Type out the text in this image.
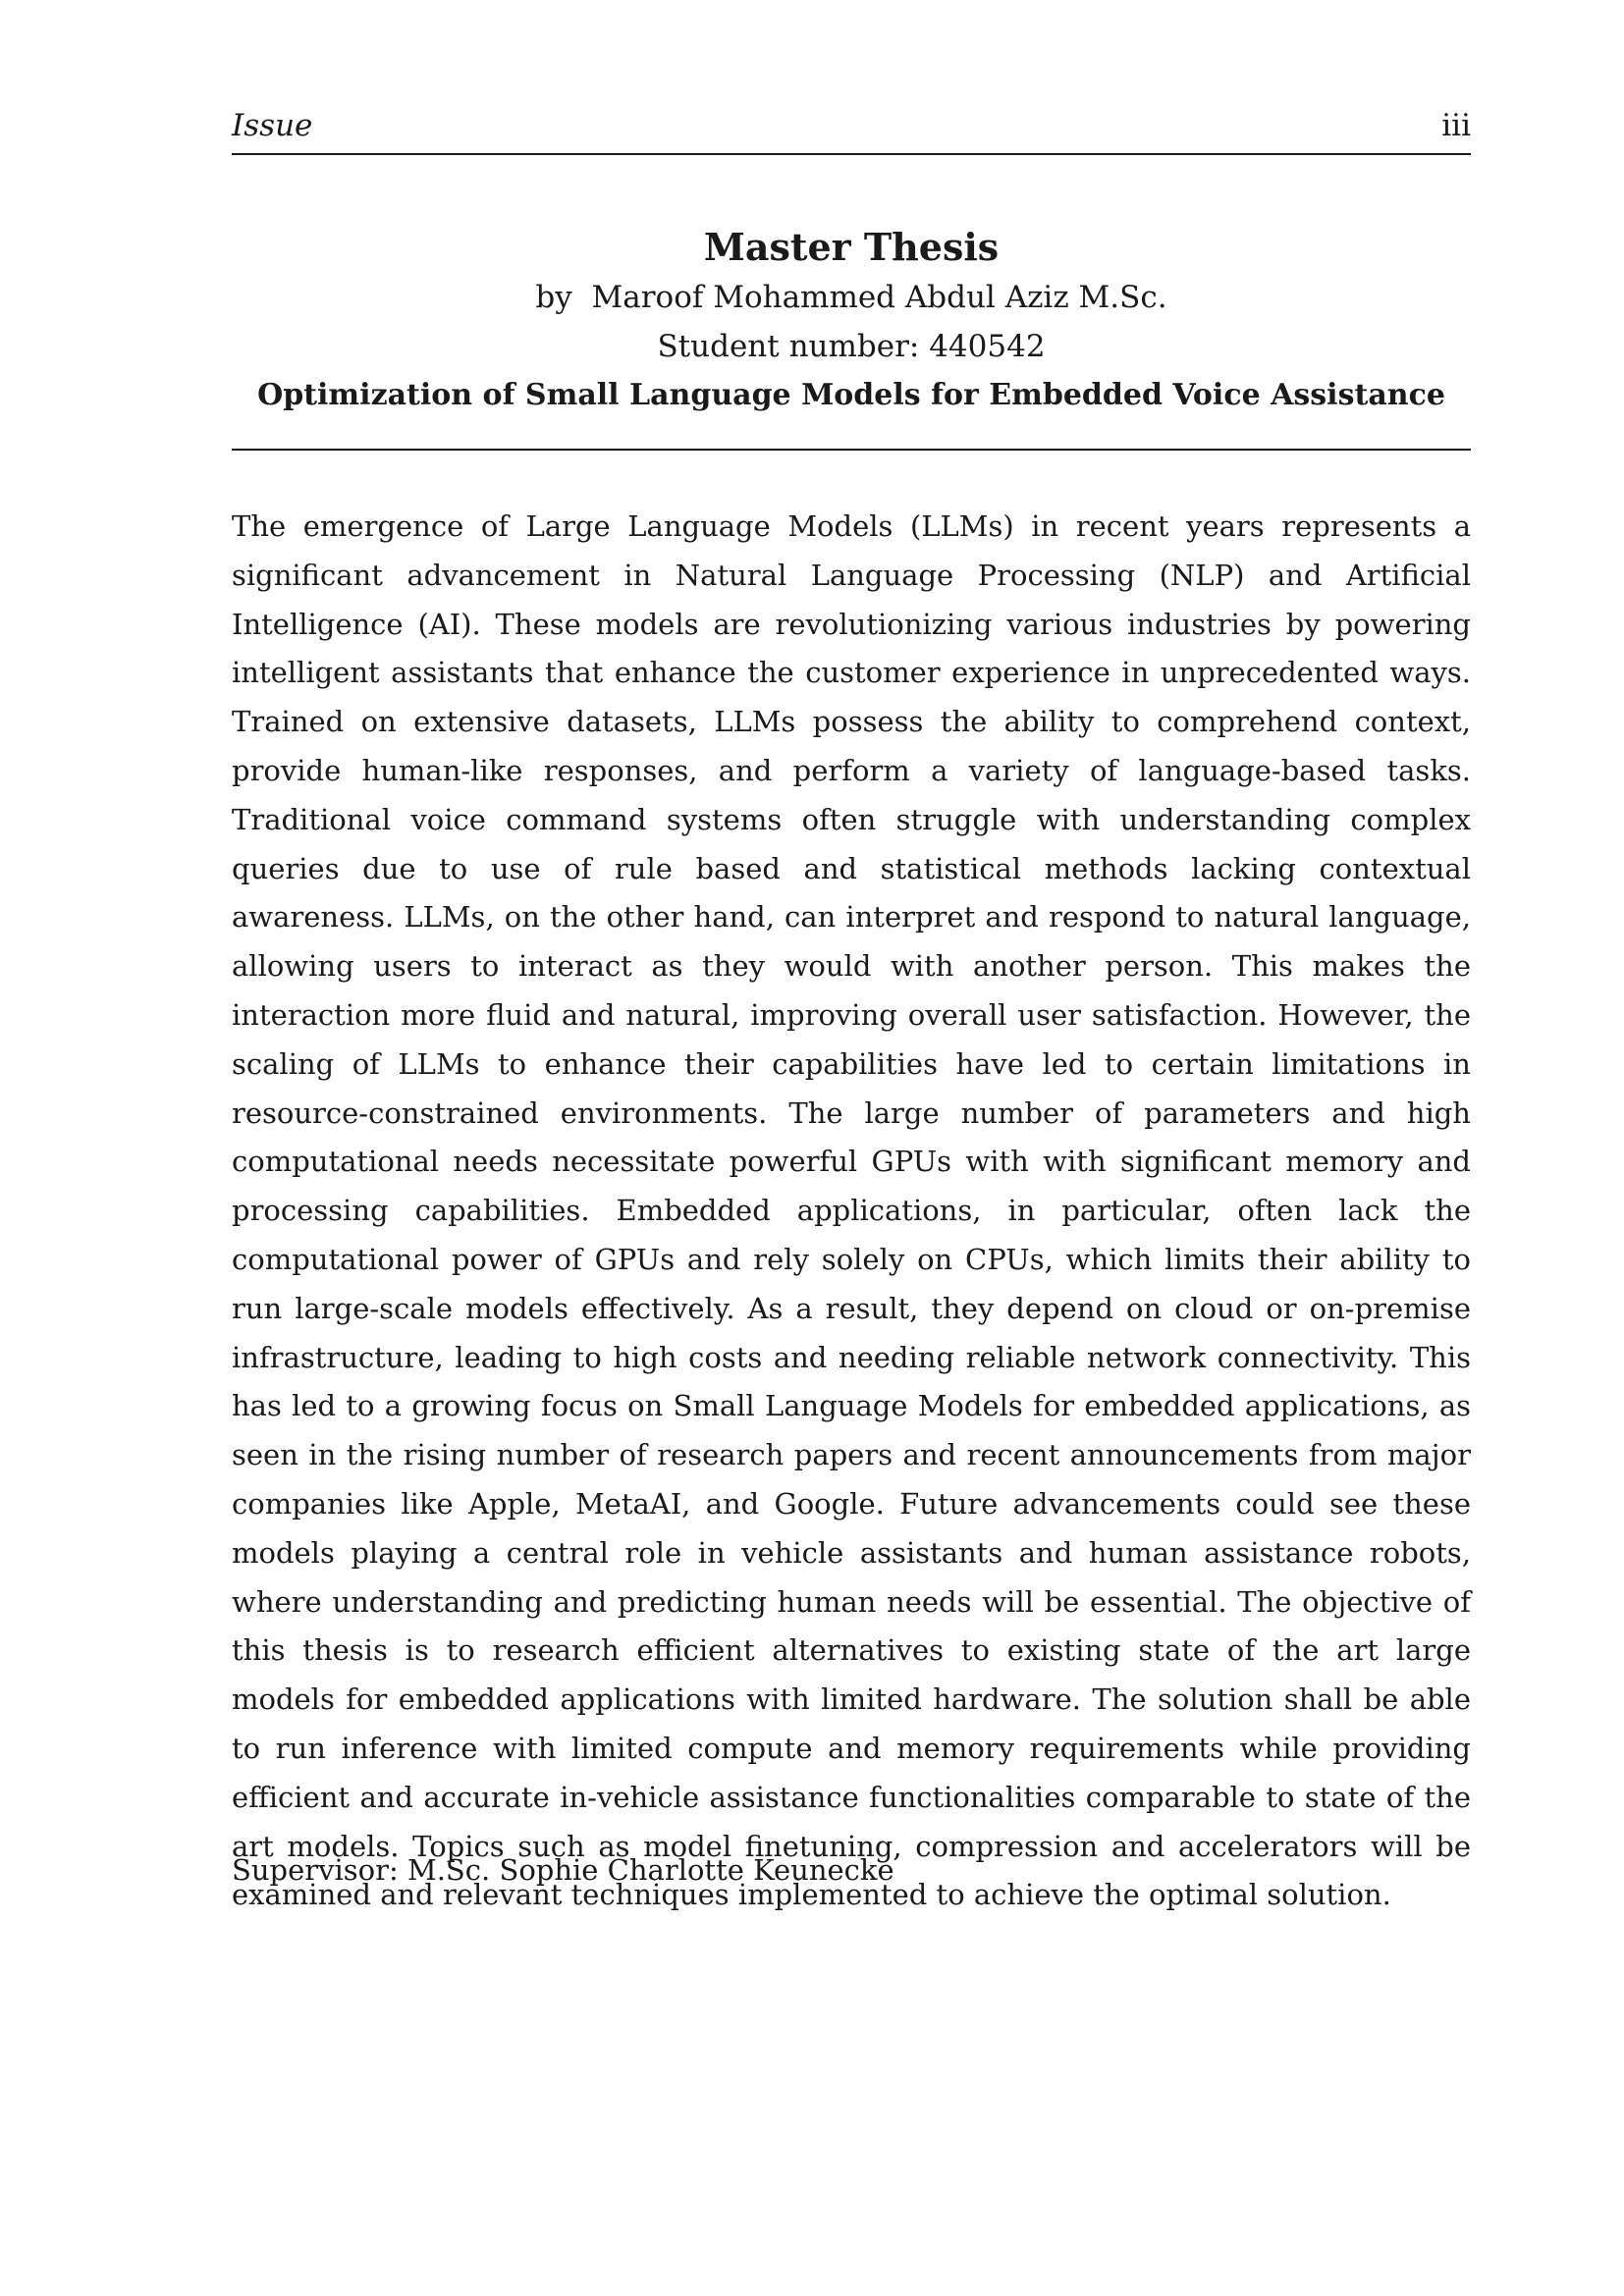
Issue	iii
Master Thesis
by Maroof Mohammed Abdul Aziz M.Sc.
Student number: 440542
Optimization of Small Language Models for Embedded Voice Assistance

The emergence of Large Language Models (LLMs) in recent years represents a significant advancement in Natural Language Processing (NLP) and Artificial Intelligence (AI). These models are revolutionizing various industries by powering intelligent assistants that enhance the customer experience in unprecedented ways. Trained on extensive datasets, LLMs possess the ability to comprehend context, provide human-like responses, and perform a variety of language-based tasks. Traditional voice command systems often struggle with understanding complex queries due to use of rule based and statistical methods lacking contextual awareness. LLMs, on the other hand, can interpret and respond to natural language, allowing users to interact as they would with another person. This makes the interaction more fluid and natural, improving overall user satisfaction. However, the scaling of LLMs to enhance their capabilities have led to certain limitations in resource-constrained environments. The large number of parameters and high computational needs necessitate powerful GPUs with with significant memory and processing capabilities. Embedded applications, in particular, often lack the computational power of GPUs and rely solely on CPUs, which limits their ability to run large-scale models effectively. As a result, they depend on cloud or on-premise infrastructure, leading to high costs and needing reliable network connectivity. This has led to a growing focus on Small Language Models for embedded applications, as seen in the rising number of research papers and recent announcements from major companies like Apple, MetaAI, and Google. Future advancements could see these models playing a central role in vehicle assistants and human assistance robots, where understanding and predicting human needs will be essential. The objective of this thesis is to research efficient alternatives to existing state of the art large models for embedded applications with limited hardware. The solution shall be able to run inference with limited compute and memory requirements while providing efficient and accurate in-vehicle assistance functionalities comparable to state of the art models. Topics such as model finetuning, compression and accelerators will be examined and relevant techniques implemented to achieve the optimal solution.

Supervisor: M.Sc. Sophie Charlotte Keunecke
